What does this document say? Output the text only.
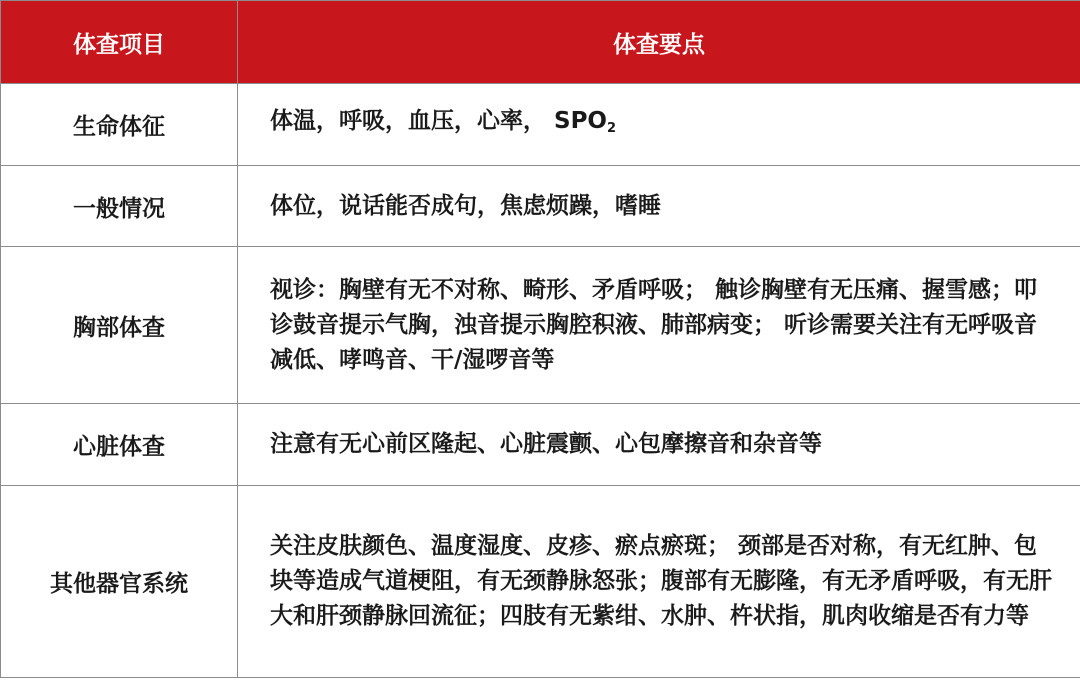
体查项目	体查要点
生命体征	体温，呼吸，血压，心率， $SPO_2$
一般情况	体位，说话能否成句，焦虑烦躁，嗜睡
胸部体查	视诊：胸壁有无不对称、畸形、矛盾呼吸； 触诊胸壁有无压痛、握雪感；叩诊鼓音提示气胸，浊音提示胸腔积液、肺部病变； 听诊需要关注有无呼吸音减低、哮鸣音、干/湿啰音等
心脏体查	注意有无心前区隆起、心脏震颤、心包摩擦音和杂音等
其他器官系统	关注皮肤颜色、温度湿度、皮疹、瘀点瘀斑； 颈部是否对称，有无红肿、包块等造成气道梗阻，有无颈静脉怒张；腹部有无膨隆，有无矛盾呼吸，有无肝大和肝颈静脉回流征；四肢有无紫绀、水肿、杵状指，肌肉收缩是否有力等
